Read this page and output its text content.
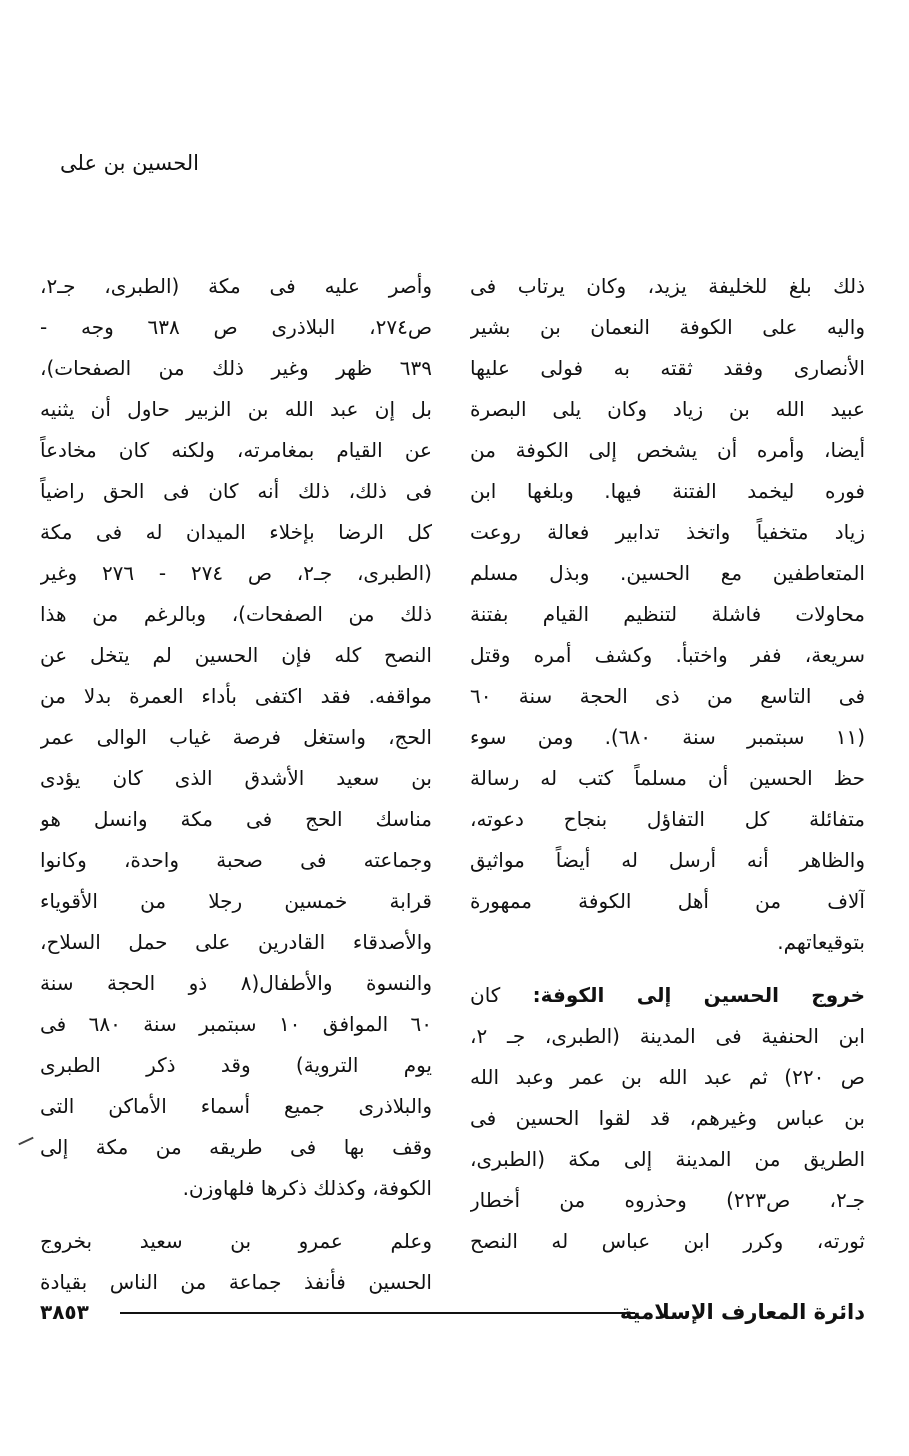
الحسين بن على
ذلك بلغ للخليفة يزيد، وكان يرتاب فى
واليه على الكوفة النعمان بن بشير
الأنصارى وفقد ثقته به فولى عليها
عبيد الله بن زياد وكان يلى البصرة
أيضا، وأمره أن يشخص إلى الكوفة من
فوره ليخمد الفتنة فيها. وبلغها ابن
زياد متخفياً واتخذ تدابير فعالة روعت
المتعاطفين مع الحسين. وبذل مسلم
محاولات فاشلة لتنظيم القيام بفتنة
سريعة، ففر واختبأ. وكشف أمره وقتل
فى التاسع من ذى الحجة سنة ٦٠
(١١ سبتمبر سنة ٦٨٠). ومن سوء
حظ الحسين أن مسلماً كتب له رسالة
متفائلة كل التفاؤل بنجاح دعوته،
والظاهر أنه أرسل له أيضاً مواثيق
آلاف من أهل الكوفة ممهورة
بتوقيعاتهم.
خروج الحسين إلى الكوفة: كان
ابن الحنفية فى المدينة (الطبرى، جـ ٢،
ص ٢٢٠) ثم عبد الله بن عمر وعبد الله
بن عباس وغيرهم، قد لقوا الحسين فى
الطريق من المدينة إلى مكة (الطبرى،
جـ٢، ص٢٢٣) وحذروه من أخطار
ثورته، وكرر ابن عباس له النصح
وأصر عليه فى مكة (الطبرى، جـ٢،
ص٢٧٤، البلاذرى ص ٦٣٨ وجه -
٦٣٩ ظهر وغير ذلك من الصفحات)،
بل إن عبد الله بن الزبير حاول أن يثنيه
عن القيام بمغامرته، ولكنه كان مخادعاً
فى ذلك، ذلك أنه كان فى الحق راضياً
كل الرضا بإخلاء الميدان له فى مكة
(الطبرى، جـ٢، ص ٢٧٤ - ٢٧٦ وغير
ذلك من الصفحات)، وبالرغم من هذا
النصح كله فإن الحسين لم يتخل عن
مواقفه. فقد اكتفى بأداء العمرة بدلا من
الحج، واستغل فرصة غياب الوالى عمر
بن سعيد الأشدق الذى كان يؤدى
مناسك الحج فى مكة وانسل هو
وجماعته فى صحبة واحدة، وكانوا
قرابة خمسين رجلا من الأقوياء
والأصدقاء القادرين على حمل السلاح،
والنسوة والأطفال(٨ ذو الحجة سنة
٦٠ الموافق ١٠ سبتمبر سنة ٦٨٠ فى
يوم التروية) وقد ذكر الطبرى
والبلاذرى جميع أسماء الأماكن التى
وقف بها فى طريقه من مكة إلى
الكوفة، وكذلك ذكرها فلهاوزن.
وعلم عمرو بن سعيد بخروج
الحسين فأنفذ جماعة من الناس بقيادة
دائرة المعارف الإسلامية
٣٨٥٣
